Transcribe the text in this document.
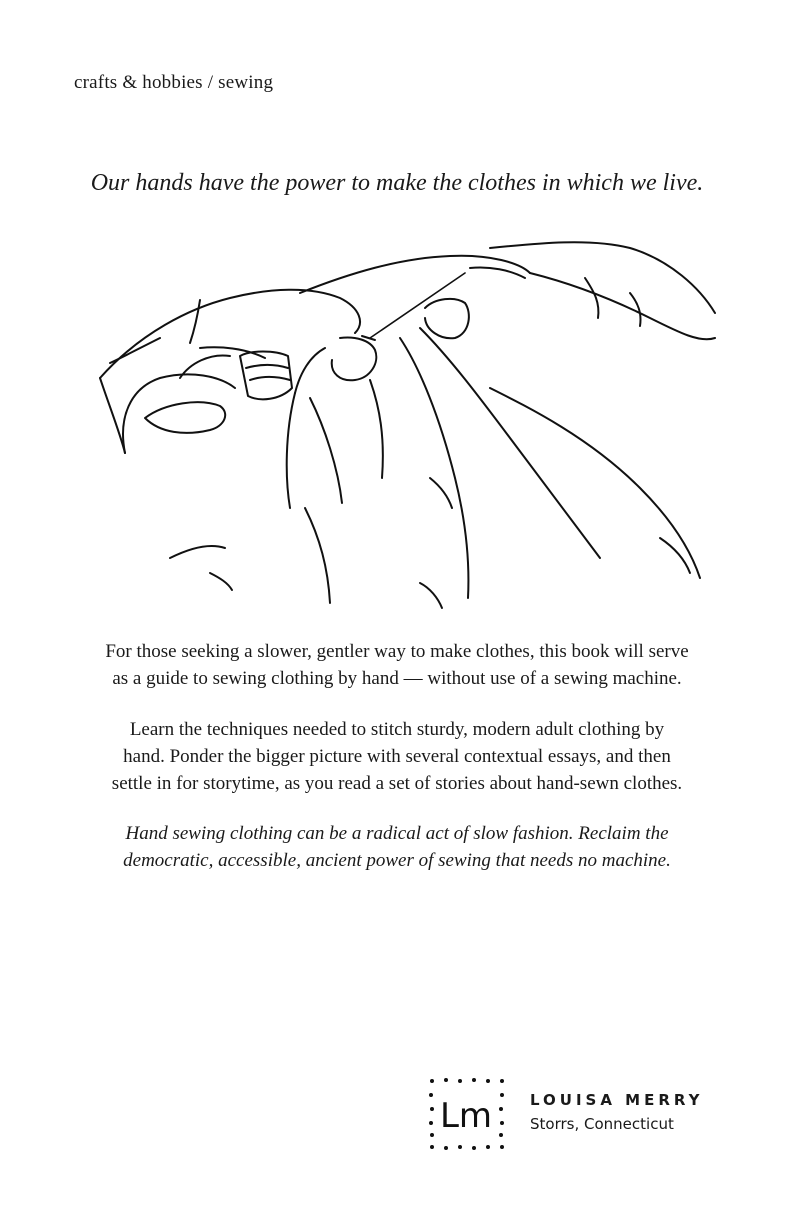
crafts & hobbies / sewing
Our hands have the power to make the clothes in which we live.
For those seeking a slower, gentler way to make clothes, this book will serve
as a guide to sewing clothing by hand — without use of a sewing machine.
Learn the techniques needed to stitch sturdy, modern adult clothing by
hand. Ponder the bigger picture with several contextual essays, and then
settle in for storytime, as you read a set of stories about hand-sewn clothes.
Hand sewing clothing can be a radical act of slow fashion. Reclaim the
democratic, accessible, ancient power of sewing that needs no machine.
Lm	LOUISA MERRY
Storrs, Connecticut
